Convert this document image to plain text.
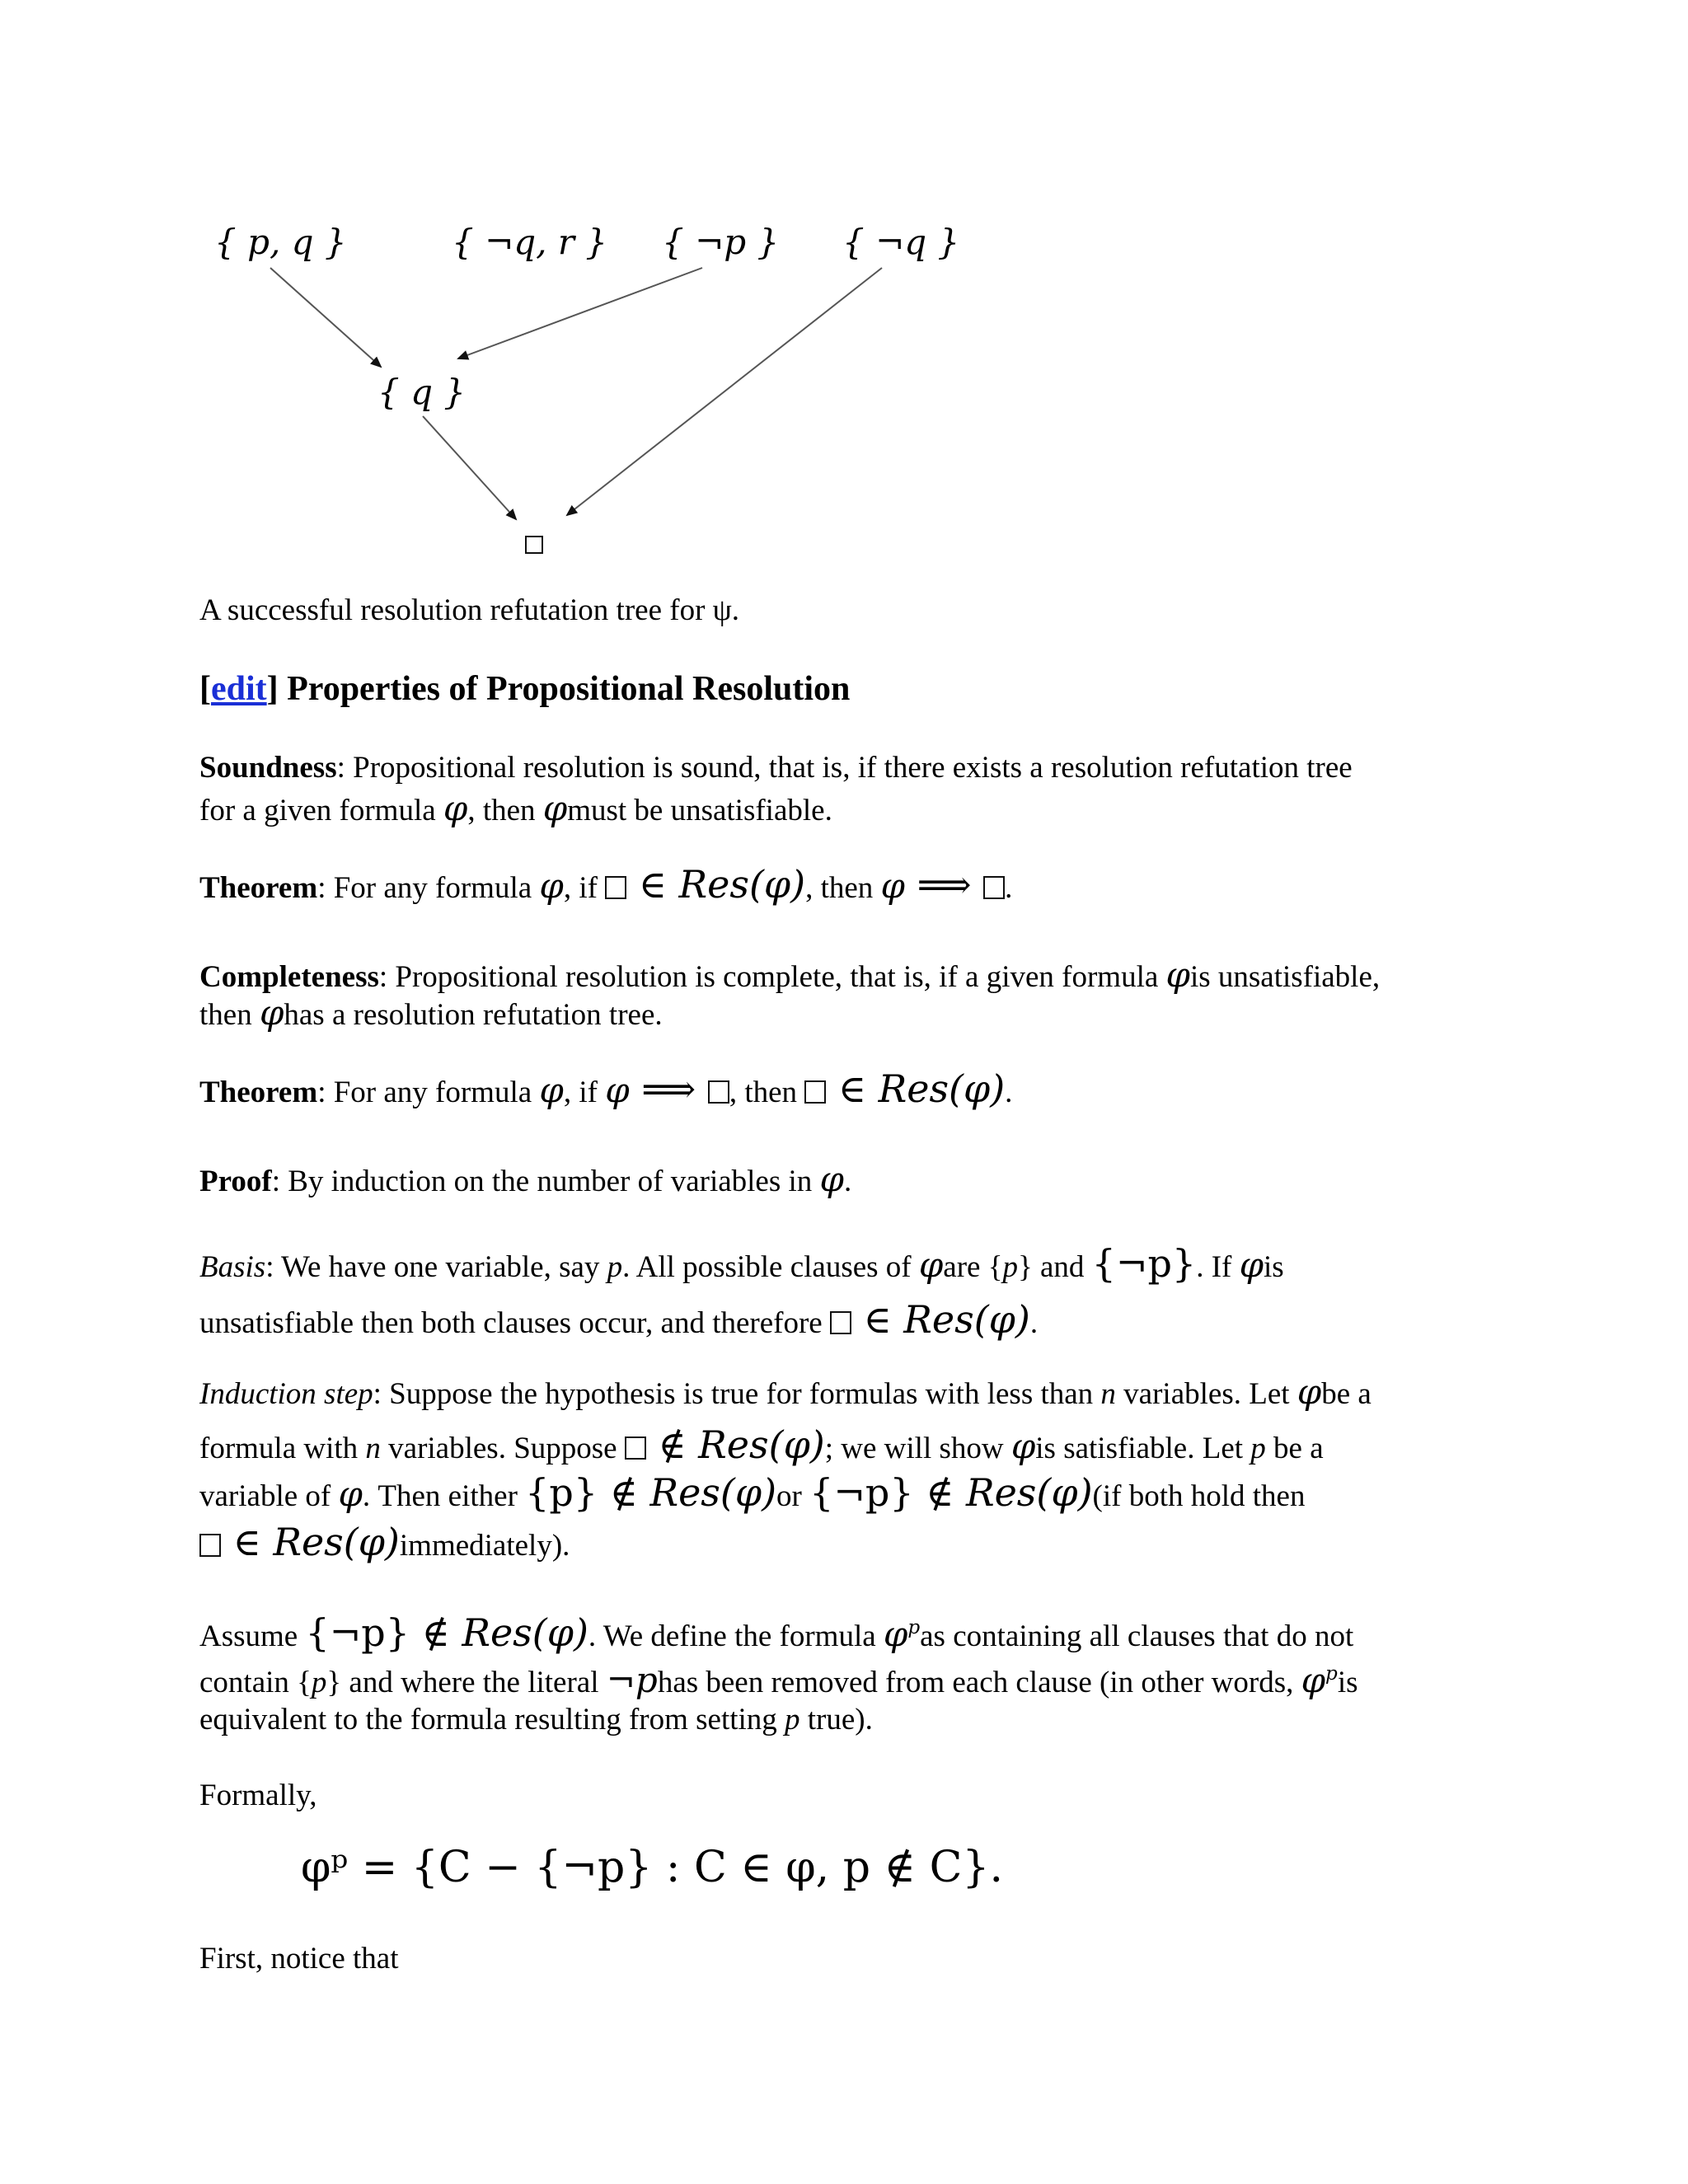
{ p, q }	{ ¬q, r } { ¬p } { ¬q }
{ q }
A successful resolution refutation tree for ψ.
[edit] Properties of Propositional Resolution
Soundness: Propositional resolution is sound, that is, if there exists a resolution refutation tree
for a given formula φ, then φmust be unsatisfiable.
Theorem: For any formula φ, if  ∈ Res(φ), then φ ⟹ .
Completeness: Propositional resolution is complete, that is, if a given formula φis unsatisfiable,
then φhas a resolution refutation tree.
Theorem: For any formula φ, if φ ⟹ , then  ∈ Res(φ).
Proof: By induction on the number of variables in φ.
Basis: We have one variable, say p. All possible clauses of φare {p} and {¬p}. If φis
unsatisfiable then both clauses occur, and therefore  ∈ Res(φ).
Induction step: Suppose the hypothesis is true for formulas with less than n variables. Let φbe a
formula with n variables. Suppose  ∉ Res(φ); we will show φis satisfiable. Let p be a
variable of φ. Then either {p} ∉ Res(φ)or {¬p} ∉ Res(φ)(if both hold then
∈ Res(φ)immediately).
Assume {¬p} ∉ Res(φ). We define the formula $\varphi^pas$ containing all clauses that do not
contain {p} and where the literal ¬phas been removed from each clause (in other words, $\varphi^pis$
equivalent to the formula resulting from setting p true).
Formally,
φᵖ = {C − {¬p} : C ∈ φ, p ∉ C}.
First, notice that
